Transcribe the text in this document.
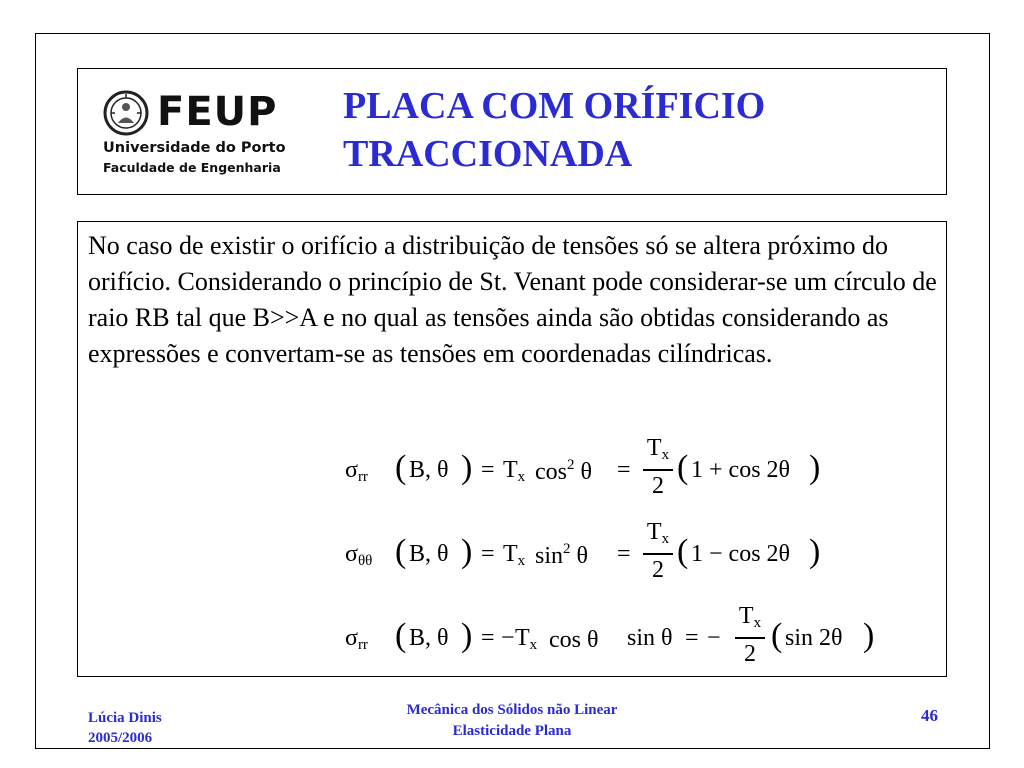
FEUP
Universidade do Porto
Faculdade de Engenharia
PLACA COM ORÍFICIO
TRACCIONADA

No caso de existir o orifício a distribuição de tensões só se altera próximo do orifício. Considerando o princípio de St. Venant pode considerar-se um círculo de raio RB tal que B>>A e no qual as tensões ainda são obtidas considerando as expressões e convertam-se as tensões em coordenadas cilíndricas.

$\sigma_{rr}$ ( B, θ ) = $T_x$ $\cos^2 \theta$ =
$T_x$
2 ( 1 + cos 2θ )
$\sigma_{\theta\theta}$ ( B, θ ) = $T_x$ $\sin^2 \theta$ =
$T_x$
2 ( 1 − cos 2θ )
$\sigma_{rr}$ ( B, θ ) = − $T_x$ cos θ sin θ = −
$T_x$
2 ( sin 2θ )

Lúcia Dinis
2005/2006

Mecânica dos Sólidos não Linear
Elasticidade Plana

46
